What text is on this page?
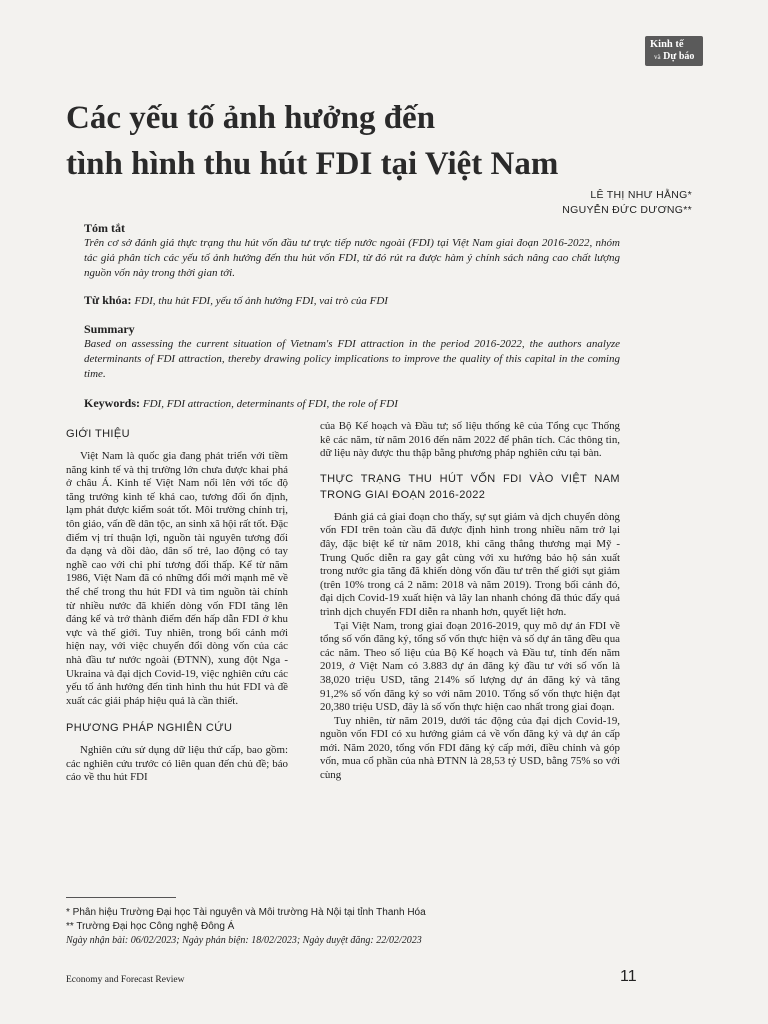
Kinh tế
và Dự báo
Các yếu tố ảnh hưởng đến
tình hình thu hút FDI tại Việt Nam
LÊ THỊ NHƯ HẰNG*
NGUYỄN ĐỨC DƯƠNG**
Tóm tắt
Trên cơ sở đánh giá thực trạng thu hút vốn đầu tư trực tiếp nước ngoài (FDI) tại Việt Nam giai đoạn 2016-2022, nhóm tác giả phân tích các yếu tố ảnh hưởng đến thu hút vốn FDI, từ đó rút ra được hàm ý chính sách nâng cao chất lượng nguồn vốn này trong thời gian tới.
Từ khóa: FDI, thu hút FDI, yếu tố ảnh hưởng FDI, vai trò của FDI
Summary
Based on assessing the current situation of Vietnam's FDI attraction in the period 2016-2022, the authors analyze determinants of FDI attraction, thereby drawing policy implications to improve the quality of this capital in the coming time.
Keywords: FDI, FDI attraction, determinants of FDI, the role of FDI
GIỚI THIỆU

Việt Nam là quốc gia đang phát triển với tiềm năng kinh tế và thị trường lớn chưa được khai phá ở châu Á. Kinh tế Việt Nam nổi lên với tốc độ tăng trưởng kinh tế khá cao, tương đối ổn định, lạm phát được kiểm soát tốt. Môi trường chính trị, tôn giáo, vấn đề dân tộc, an sinh xã hội rất tốt. Đặc điểm vị trí thuận lợi, nguồn tài nguyên tương đối đa dạng và dồi dào, dân số trẻ, lao động có tay nghề cao với chi phí tương đối thấp. Kể từ năm 1986, Việt Nam đã có những đổi mới mạnh mẽ về thể chế trong thu hút FDI và tìm nguồn tài chính từ nhiều nước đã khiến dòng vốn FDI tăng lên đáng kể và trở thành điểm đến hấp dẫn FDI ở khu vực và thế giới. Tuy nhiên, trong bối cảnh mới hiện nay, với việc chuyển đổi dòng vốn của các nhà đầu tư nước ngoài (ĐTNN), xung đột Nga - Ukraina và đại dịch Covid-19, việc nghiên cứu các yếu tố ảnh hưởng đến tình hình thu hút FDI và đề xuất các giải pháp hiệu quả là cần thiết.

PHƯƠNG PHÁP NGHIÊN CỨU

Nghiên cứu sử dụng dữ liệu thứ cấp, bao gồm: các nghiên cứu trước có liên quan đến chủ đề; báo cáo về thu hút FDI

của Bộ Kế hoạch và Đầu tư; số liệu thống kê của Tổng cục Thống kê các năm, từ năm 2016 đến năm 2022 để phân tích. Các thông tin, dữ liệu này được thu thập bằng phương pháp nghiên cứu tại bàn.

THỰC TRẠNG THU HÚT VỐN FDI VÀO VIỆT NAM TRONG GIAI ĐOẠN 2016-2022

Đánh giá cả giai đoạn cho thấy, sự sụt giảm và dịch chuyển dòng vốn FDI trên toàn cầu đã được định hình trong nhiều năm trở lại đây, đặc biệt kể từ năm 2018, khi căng thẳng thương mại Mỹ - Trung Quốc diễn ra gay gắt cùng với xu hướng bảo hộ sản xuất trong nước gia tăng đã khiến dòng vốn đầu tư trên thế giới sụt giảm (trên 10% trong cả 2 năm: 2018 và năm 2019). Trong bối cảnh đó, đại dịch Covid-19 xuất hiện và lây lan nhanh chóng đã thúc đẩy quá trình dịch chuyển FDI diễn ra nhanh hơn, quyết liệt hơn.

Tại Việt Nam, trong giai đoạn 2016-2019, quy mô dự án FDI về tổng số vốn đăng ký, tổng số vốn thực hiện và số dự án tăng đều qua các năm. Theo số liệu của Bộ Kế hoạch và Đầu tư, tính đến năm 2019, ở Việt Nam có 3.883 dự án đăng ký đầu tư với số vốn là 38,020 triệu USD, tăng 214% số lượng dự án đăng ký và tăng 91,2% số vốn đăng ký so với năm 2010. Tổng số vốn thực hiện đạt 20,380 triệu USD, đây là số vốn thực hiện cao nhất trong giai đoạn.

Tuy nhiên, từ năm 2019, dưới tác động của đại dịch Covid-19, nguồn vốn FDI có xu hướng giảm cả về vốn đăng ký và dự án cấp mới. Năm 2020, tổng vốn FDI đăng ký cấp mới, điều chỉnh và góp vốn, mua cổ phần của nhà ĐTNN là 28,53 tỷ USD, bằng 75% so với cùng

* Phân hiệu Trường Đại học Tài nguyên và Môi trường Hà Nội tại tỉnh Thanh Hóa
** Trường Đại học Công nghệ Đông Á
Ngày nhận bài: 06/02/2023; Ngày phản biện: 18/02/2023; Ngày duyệt đăng: 22/02/2023
Economy and Forecast Review	11
